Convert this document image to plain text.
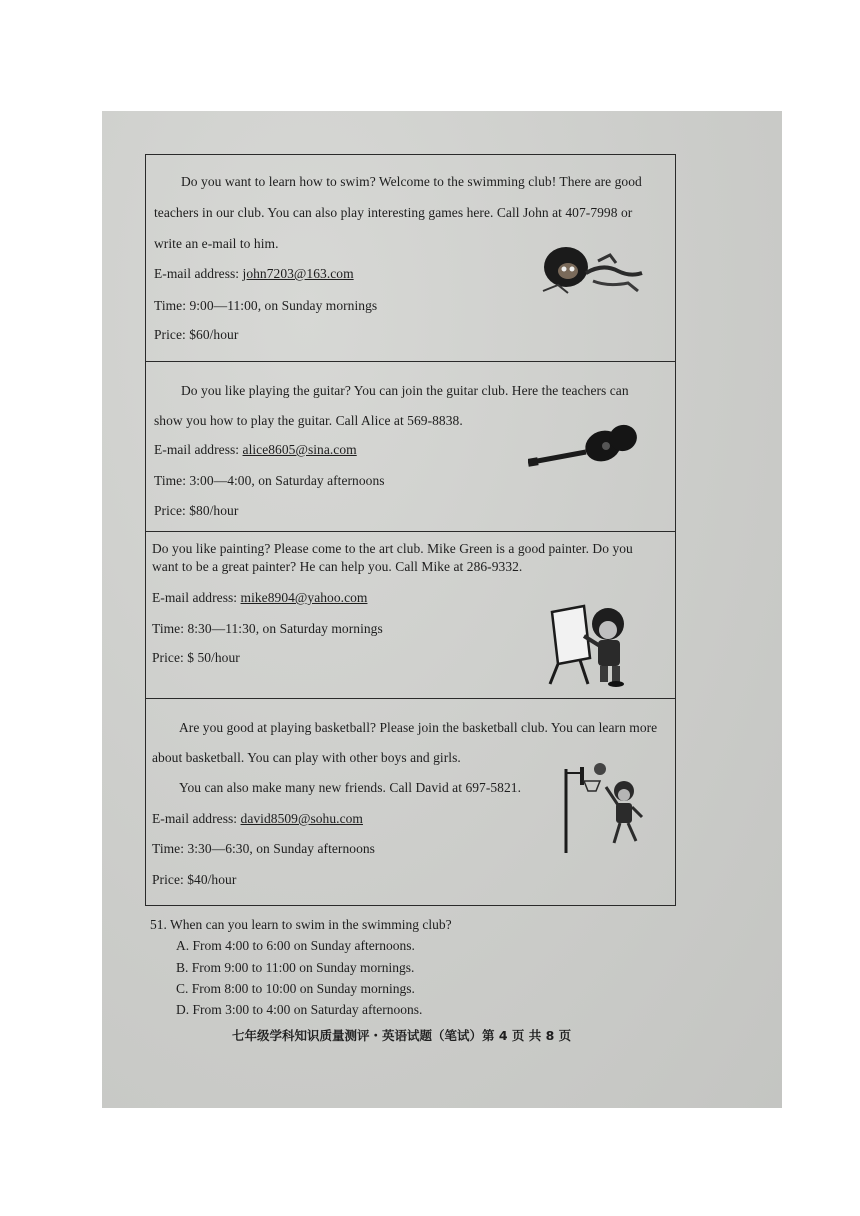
Do you want to learn how to swim? Welcome to the swimming club! There are good
teachers in our club. You can also play interesting games here. Call John at 407-7998 or
write an e-mail to him.
E-mail address: john7203@163.com
Time: 9:00—11:00, on Sunday mornings
Price: $60/hour
Do you like playing the guitar? You can join the guitar club. Here the teachers can
show you how to play the guitar. Call Alice at 569-8838.
E-mail address: alice8605@sina.com
Time: 3:00—4:00, on Saturday afternoons
Price: $80/hour
Do you like painting? Please come to the art club. Mike Green is a good painter. Do you
want to be a great painter? He can help you. Call Mike at 286-9332.
E-mail address: mike8904@yahoo.com
Time: 8:30—11:30, on Saturday mornings
Price: $ 50/hour
Are you good at playing basketball? Please join the basketball club. You can learn more
about basketball. You can play with other boys and girls.
You can also make many new friends. Call David at 697-5821.
E-mail address: david8509@sohu.com
Time: 3:30—6:30, on Sunday afternoons
Price: $40/hour
51. When can you learn to swim in the swimming club?
A. From 4:00 to 6:00 on Sunday afternoons.
B. From 9:00 to 11:00 on Sunday mornings.
C. From 8:00 to 10:00 on Sunday mornings.
D. From 3:00 to 4:00 on Saturday afternoons.
七年级学科知识质量测评・英语试题（笔试）第 4 页 共 8 页
